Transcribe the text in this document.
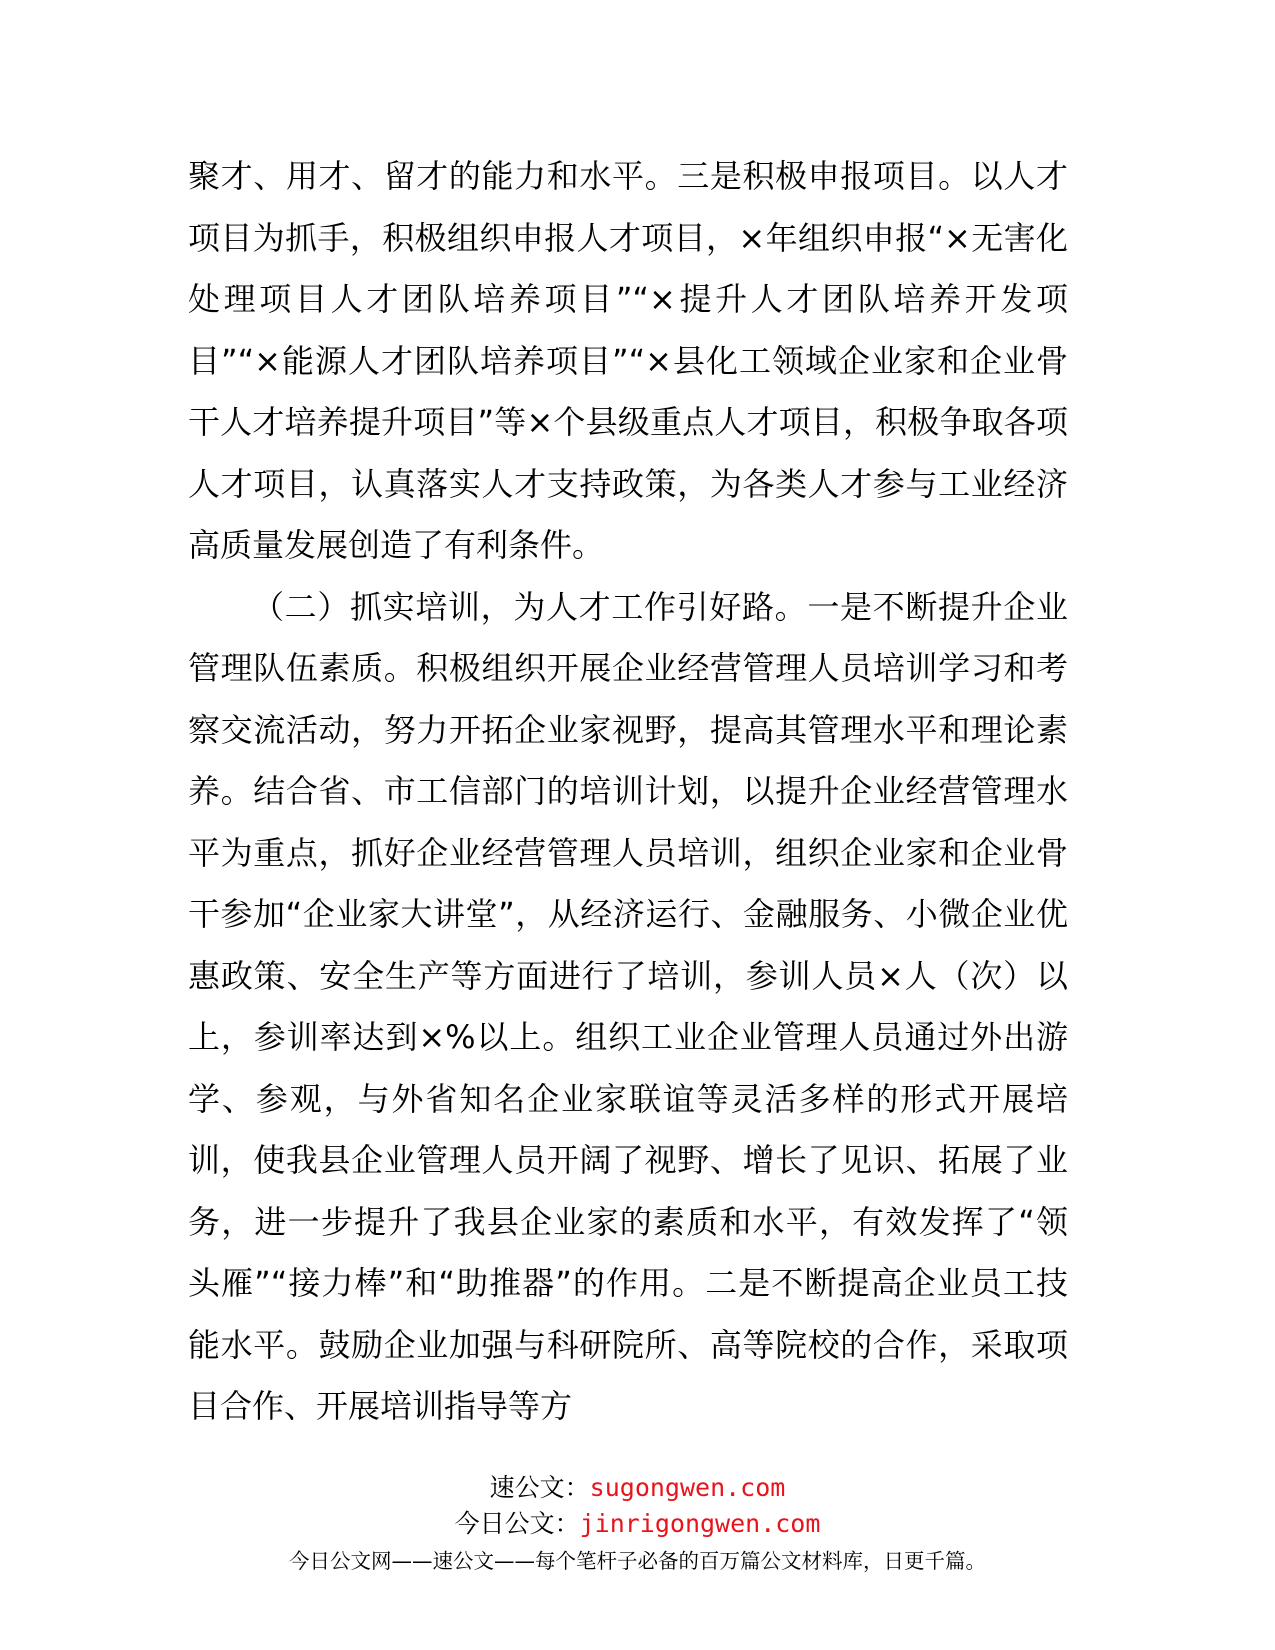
聚才、用才、留才的能力和水平。三是积极申报项目。以人才项目为抓手，积极组织申报人才项目，×年组织申报“×无害化处理项目人才团队培养项目”“×提升人才团队培养开发项目”“×能源人才团队培养项目”“×县化工领域企业家和企业骨干人才培养提升项目”等×个县级重点人才项目，积极争取各项人才项目，认真落实人才支持政策，为各类人才参与工业经济高质量发展创造了有利条件。

（二）抓实培训，为人才工作引好路。一是不断提升企业管理队伍素质。积极组织开展企业经营管理人员培训学习和考察交流活动，努力开拓企业家视野，提高其管理水平和理论素养。结合省、市工信部门的培训计划，以提升企业经营管理水平为重点，抓好企业经营管理人员培训，组织企业家和企业骨干参加“企业家大讲堂”，从经济运行、金融服务、小微企业优惠政策、安全生产等方面进行了培训，参训人员×人（次）以上，参训率达到×%以上。组织工业企业管理人员通过外出游学、参观，与外省知名企业家联谊等灵活多样的形式开展培训，使我县企业管理人员开阔了视野、增长了见识、拓展了业务，进一步提升了我县企业家的素质和水平，有效发挥了“领头雁”“接力棒”和“助推器”的作用。二是不断提高企业员工技能水平。鼓励企业加强与科研院所、高等院校的合作，采取项目合作、开展培训指导等方

速公文：sugongwen.com
今日公文：jinrigongwen.com
今日公文网——速公文——每个笔杆子必备的百万篇公文材料库，日更千篇。
